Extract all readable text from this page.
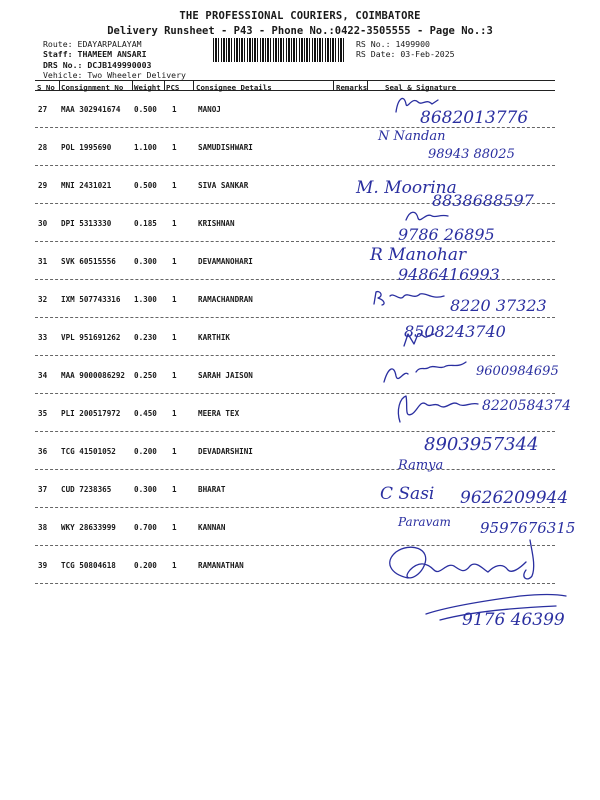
THE PROFESSIONAL COURIERS, COIMBATORE
Delivery Runsheet - P43 - Phone No.:0422-3505555 - Page No.:3
Route: EDAYARPALAYAM
Staff: THAMEEM ANSARI
DRS No.: DCJB149990003
Vehicle: Two Wheeler Delivery
RS No.: 1499900
RS Date: 03-Feb-2025
S No Consignment No Weight PCS Consignee Details	Remarks Seal & Signature
27 MAA 302941674 0.500 1	MANOJ
28 POL 1995690	1.100 1	SAMUDISHWARI
29 MNI 2431021	0.500 1	SIVA SANKAR
30 DPI 5313330	0.185 1	KRISHNAN
31 SVK 60515556 0.300 1	DEVAMANOHARI
32 IXM 507743316 1.300 1	RAMACHANDRAN
33 VPL 951691262 0.230 1	KARTHIK
34 MAA 9000086292 0.250 1	SARAH JAISON
35 PLI 200517972 0.450 1	MEERA TEX
36 TCG 41501052 0.200 1	DEVADARSHINI
37 CUD 7238365	0.300 1	BHARAT
38 WKY 28633999 0.700 1	KANNAN
39 TCG 50804618 0.200 1	RAMANATHAN
8682013776
N Nandan
98943 88025
M. Moorina
8838688597
9786 26895
R Manohar
9486416993
8220 37323
8508243740
9600984695
8220584374
8903957344
Ramya
C Sasi 9626209944
Paravam 9597676315
9176 46399
